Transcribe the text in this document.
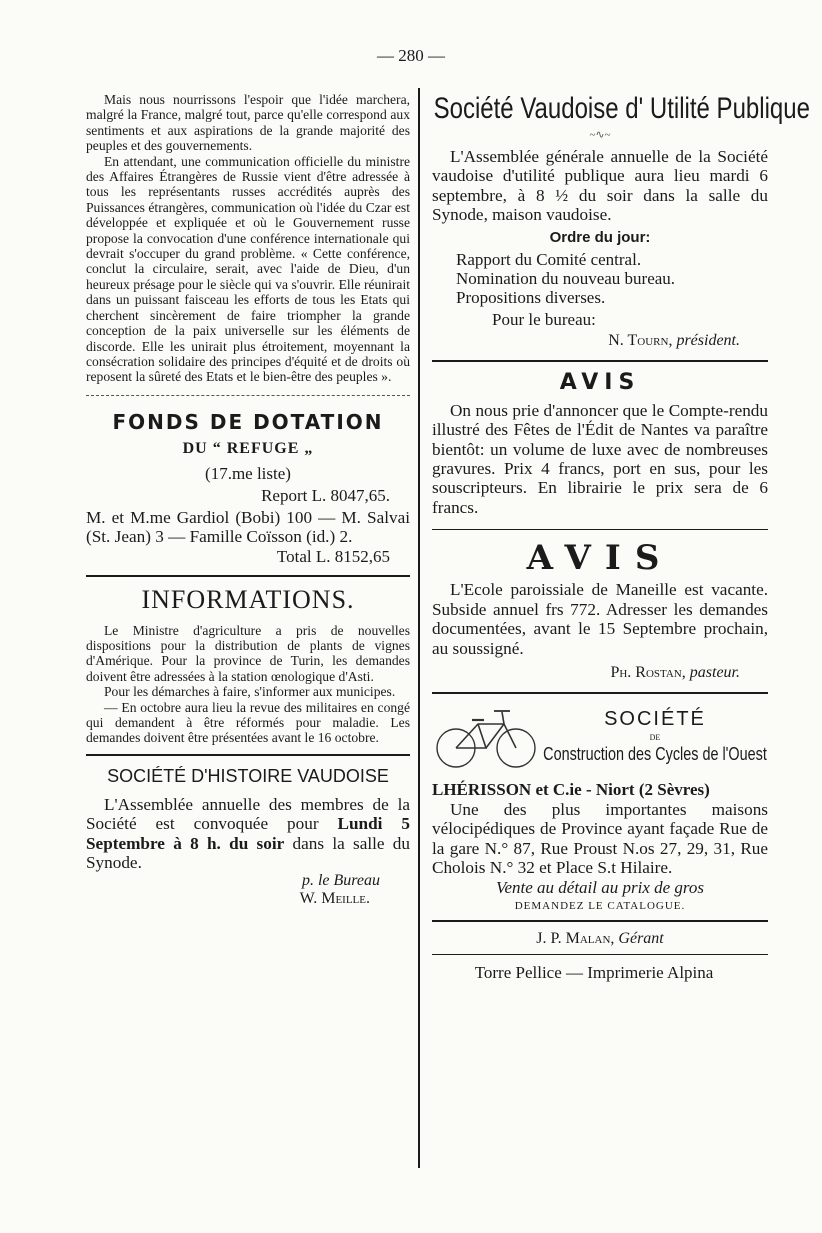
— 280 —

Mais nous nourrissons l'espoir que l'idée marchera, malgré la France, malgré tout, parce qu'elle correspond aux sentiments et aux aspirations de la grande majorité des peuples et des gouvernements.

En attendant, une communication officielle du ministre des Affaires Étrangères de Russie vient d'être adressée à tous les représentants russes accrédités auprès des Puissances étrangères, communication où l'idée du Czar est développée et expliquée et où le Gouvernement russe propose la convocation d'une conférence internationale qui devrait s'occuper du grand problème. « Cette conférence, conclut la circulaire, serait, avec l'aide de Dieu, d'un heureux présage pour le siècle qui va s'ouvrir. Elle réunirait dans un puissant faisceau les efforts de tous les Etats qui cherchent sincèrement de faire triompher la grande conception de la paix universelle sur les éléments de discorde. Elle les unirait plus étroitement, moyennant la consécration solidaire des principes d'équité et de droits où reposent la sûreté des Etats et le bien-être des peuples ».

FONDS DE DOTATION
DU “ REFUGE „
(17.me liste)
Report L. 8047,65.

M. et M.me Gardiol (Bobi) 100 — M. Salvai (St. Jean) 3 — Famille Coïsson (id.) 2.

Total L. 8152,65
INFORMATIONS.

Le Ministre d'agriculture a pris de nouvelles dispositions pour la distribution de plants de vignes d'Amérique. Pour la province de Turin, les demandes doivent être adressées à la station œnologique d'Asti.

Pour les démarches à faire, s'informer aux municipes.

— En octobre aura lieu la revue des militaires en congé qui demandent à être réformés pour maladie. Les demandes doivent être présentées avant le 16 octobre.

SOCIÉTÉ D'HISTOIRE VAUDOISE

L'Assemblée annuelle des membres de la Société est convoquée pour Lundi 5 Septembre à 8 h. du soir dans la salle du Synode.

p. le Bureau
W. Meille.
Société Vaudoise d' Utilité Publique
~∿~

L'Assemblée générale annuelle de la Société vaudoise d'utilité publique aura lieu mardi 6 septembre, à 8 ½ du soir dans la salle du Synode, maison vaudoise.

Ordre du jour:
Rapport du Comité central.
Nomination du nouveau bureau.
Propositions diverses.
Pour le bureau:
N. Tourn, président.
AVIS

On nous prie d'annoncer que le Compte-rendu illustré des Fêtes de l'Édit de Nantes va paraître bientôt: un volume de luxe avec de nombreuses gravures. Prix 4 francs, port en sus, pour les souscripteurs. En librairie le prix sera de 6 francs.

AVIS

L'Ecole paroissiale de Maneille est vacante. Subside annuel frs 772. Adresser les demandes documentées, avant le 15 Septembre prochain, au soussigné.

Ph. Rostan, pasteur.
SOCIÉTÉ
DE
Construction des Cycles de l'Ouest
LHÉRISSON et C.ie - Niort (2 Sèvres)

Une des plus importantes maisons vélocipédiques de Province ayant façade Rue de la gare N.° 87, Rue Proust N.os 27, 29, 31, Rue Cholois N.° 32 et Place S.t Hilaire.

Vente au détail au prix de gros
DEMANDEZ LE CATALOGUE.
J. P. Malan, Gérant
Torre Pellice — Imprimerie Alpina
